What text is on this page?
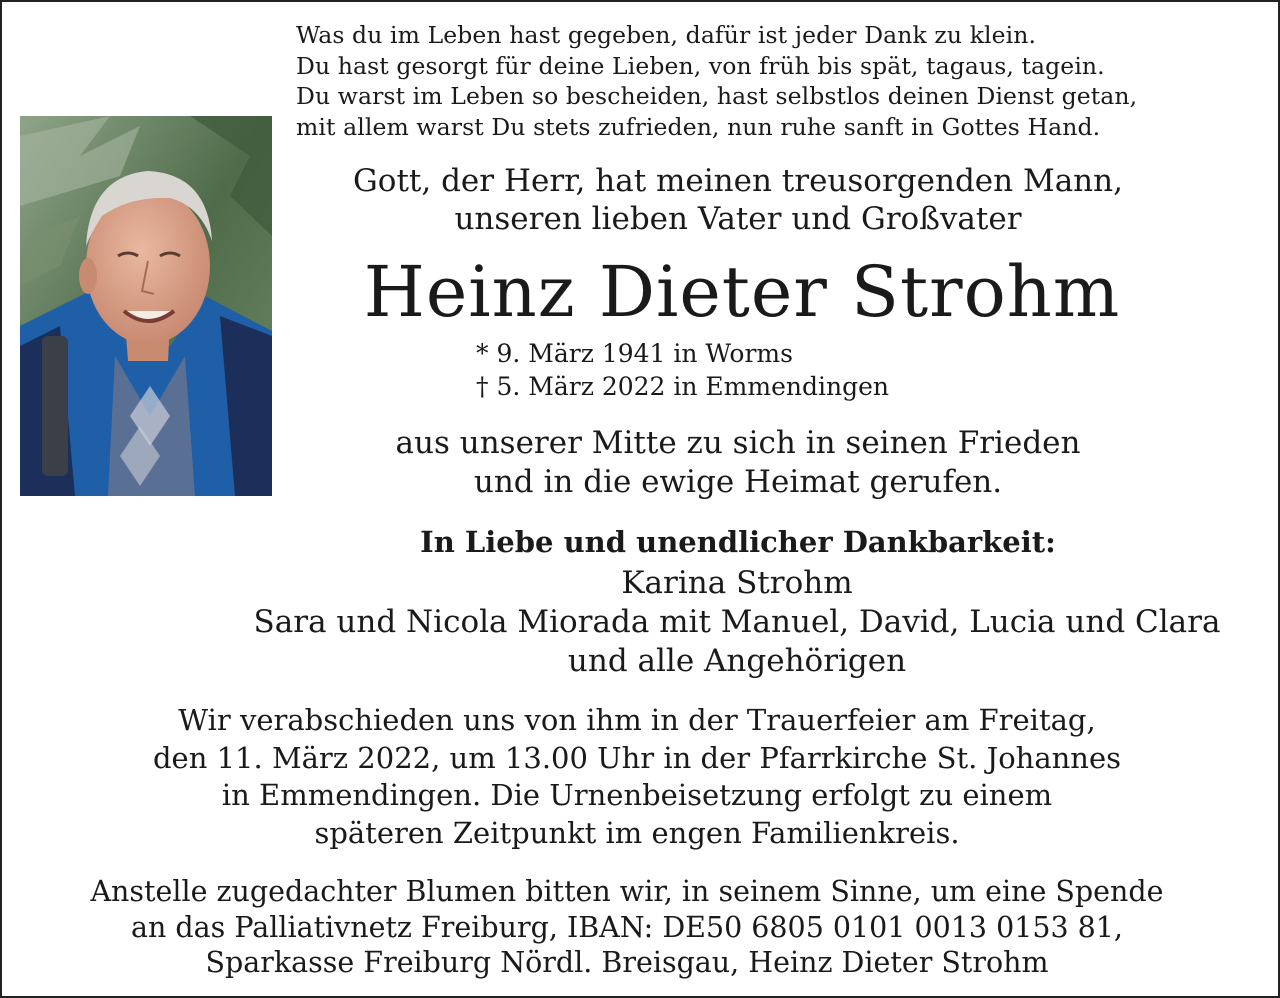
Was du im Leben hast gegeben, dafür ist jeder Dank zu klein.
Du hast gesorgt für deine Lieben, von früh bis spät, tagaus, tagein.
Du warst im Leben so bescheiden, hast selbstlos deinen Dienst getan,
mit allem warst Du stets zufrieden, nun ruhe sanft in Gottes Hand.
Gott, der Herr, hat meinen treusorgenden Mann,
unseren lieben Vater und Großvater
Heinz Dieter Strohm
* 9. März 1941 in Worms
† 5. März 2022 in Emmendingen
aus unserer Mitte zu sich in seinen Frieden
und in die ewige Heimat gerufen.
In Liebe und unendlicher Dankbarkeit:
Karina Strohm
Sara und Nicola Miorada mit Manuel, David, Lucia und Clara
und alle Angehörigen
Wir verabschieden uns von ihm in der Trauerfeier am Freitag,
den 11. März 2022, um 13.00 Uhr in der Pfarrkirche St. Johannes
in Emmendingen. Die Urnenbeisetzung erfolgt zu einem
späteren Zeitpunkt im engen Familienkreis.
Anstelle zugedachter Blumen bitten wir, in seinem Sinne, um eine Spende
an das Palliativnetz Freiburg, IBAN: DE50 6805 0101 0013 0153 81,
Sparkasse Freiburg Nördl. Breisgau, Heinz Dieter Strohm
